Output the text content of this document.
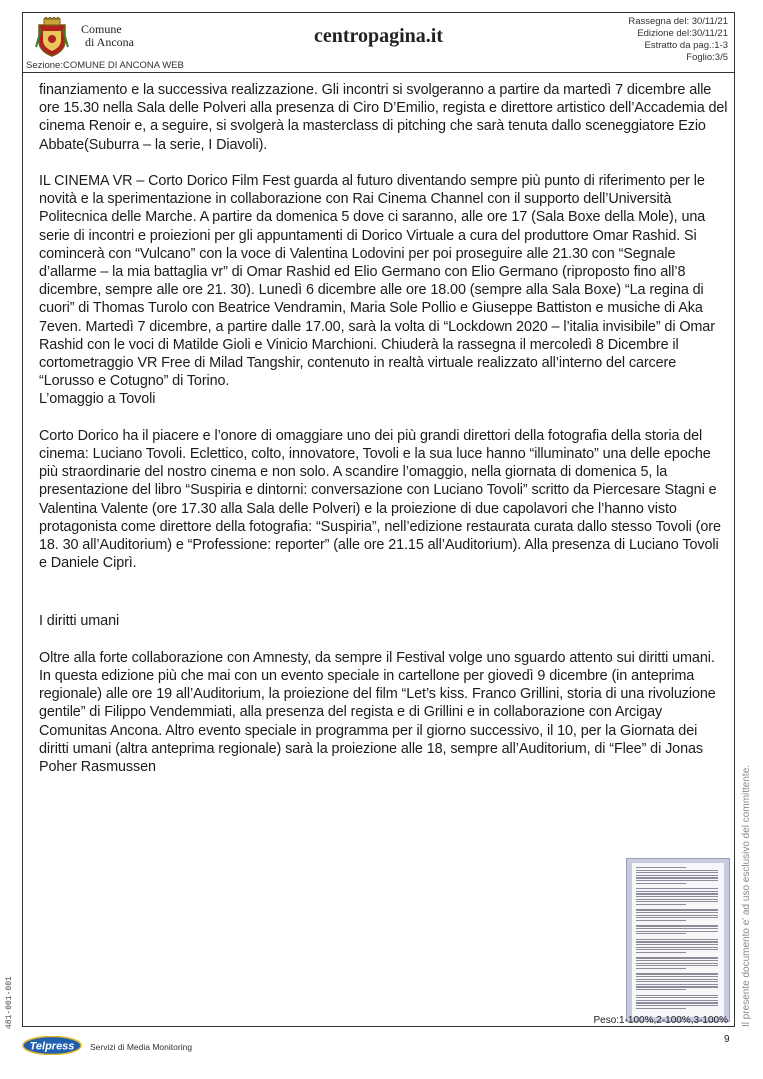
Comune
di Ancona	centropagina.it
Rassegna del: 30/11/21
Edizione del:30/11/21
Estratto da pag.:1-3
Foglio:3/5
Sezione:COMUNE DI ANCONA WEB

finanziamento e la successiva realizzazione. Gli incontri si svolgeranno a partire da martedì 7 dicembre alle ore 15.30 nella Sala delle Polveri alla presenza di Ciro D’Emilio, regista e direttore artistico dell’Accademia del cinema Renoir e, a seguire, si svolgerà la masterclass di pitching che sarà tenuta dallo sceneggiatore Ezio Abbate(Suburra – la serie, I Diavoli).

IL CINEMA VR – Corto Dorico Film Fest guarda al futuro diventando sempre più punto di riferimento per le novità e la sperimentazione in collaborazione con Rai Cinema Channel con il supporto dell’Università Politecnica delle Marche. A partire da domenica 5 dove ci saranno, alle ore 17 (Sala Boxe della Mole), una serie di incontri e proiezioni per gli appuntamenti di Dorico Virtuale a cura del produttore Omar Rashid. Si comincerà con “Vulcano” con la voce di Valentina Lodovini per poi proseguire alle 21.30 con “Segnale d’allarme – la mia battaglia vr” di Omar Rashid ed Elio Germano con Elio Germano (riproposto fino all’8 dicembre, sempre alle ore 21. 30). Lunedì 6 dicembre alle ore 18.00 (sempre alla Sala Boxe) “La regina di cuori” di Thomas Turolo con Beatrice Vendramin, Maria Sole Pollio e Giuseppe Battiston e musiche di Aka 7even. Martedì 7 dicembre, a partire dalle 17.00, sarà la volta di “Lockdown 2020 – l’italia invisibile” di Omar Rashid con le voci di Matilde Gioli e Vinicio Marchioni. Chiuderà la rassegna il mercoledì 8 Dicembre il cortometraggio VR Free di Milad Tangshir, contenuto in realtà virtuale realizzato all’interno del carcere “Lorusso e Cotugno” di Torino.

L’omaggio a Tovoli

Corto Dorico ha il piacere e l’onore di omaggiare uno dei più grandi direttori della fotografia della storia del cinema: Luciano Tovoli. Eclettico, colto, innovatore, Tovoli e la sua luce hanno “illuminato” una delle epoche più straordinarie del nostro cinema e non solo. A scandire l’omaggio, nella giornata di domenica 5, la presentazione del libro “Suspiria e dintorni: conversazione con Luciano Tovoli” scritto da Piercesare Stagni e Valentina Valente (ore 17.30 alla Sala delle Polveri) e la proiezione di due capolavori che l’hanno visto protagonista come direttore della fotografia: “Suspiria”, nell’edizione restaurata curata dallo stesso Tovoli (ore 18. 30 all’Auditorium) e “Professione: reporter” (alle ore 21.15 all’Auditorium). Alla presenza di Luciano Tovoli e Daniele Ciprì.

I diritti umani

Oltre alla forte collaborazione con Amnesty, da sempre il Festival volge uno sguardo attento sui diritti umani. In questa edizione più che mai con un evento speciale in cartellone per giovedì 9 dicembre (in anteprima regionale) alle ore 19 all’Auditorium, la proiezione del film “Let’s kiss. Franco Grillini, storia di una rivoluzione gentile” di Filippo Vendemmiati, alla presenza del regista e di Grillini e in collaborazione con Arcigay Comunitas Ancona. Altro evento speciale in programma per il giorno successivo, il 10, per la Giornata dei diritti umani (altra anteprima regionale) sarà la proiezione alle 18, sempre all’Auditorium, di “Flee” di Jonas Poher Rasmussen

Peso:1-100%,2-100%,3-100%
9
Il presente documento e' ad uso esclusivo del committente.
481-001-001
Telpress Servizi di Media Monitoring
